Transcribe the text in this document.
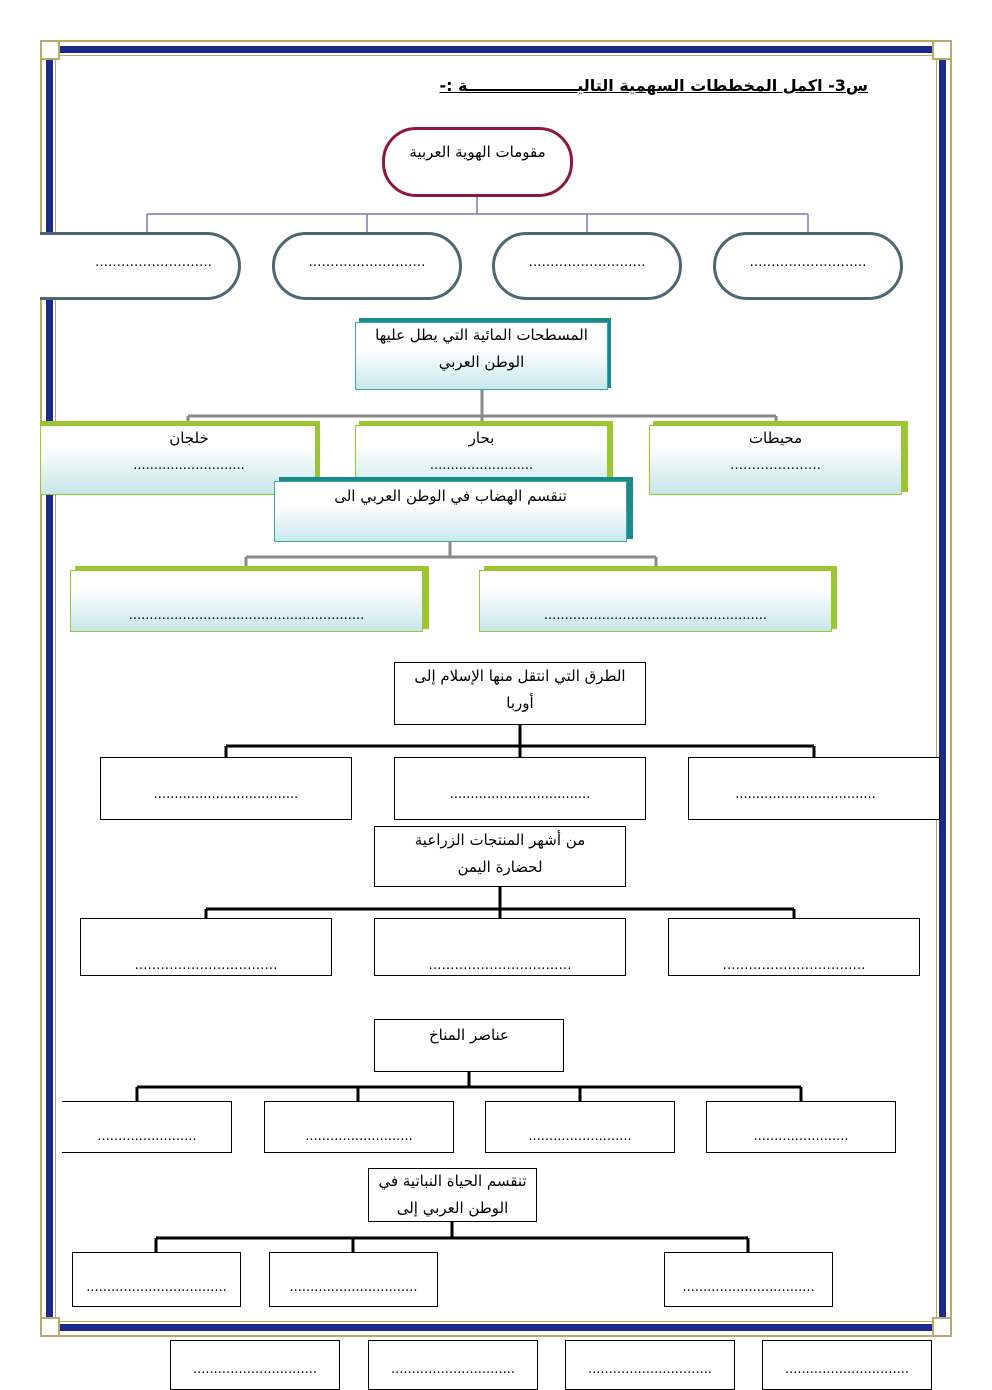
س3- اكمل المخططات السهمية التاليــــــــــــــــــــة :-
مقومات الهوية العربية
………………………
………………………
………………………
………………………
المسطحات المائية التي يطل عليها
الوطن العربي
محيطات
…………………
بحار
.........................
خلجان
...........................
تنقسم الهضاب في الوطن العربي الى
......................................................
.........................................................
الطرق التي انتقل منها الإسلام إلى
أوربا
..................................
..................................
...................................
من أشهر المنتجات الزراعية
لحضارة اليمن
……………………………
……………………………
……………………………
عناصر المناخ
.......................
.........................
..........................
........................
تنقسم الحياة النباتية في
الوطن العربي إلى
................................
...............................
..................................
..............................	..............................	..............................	..............................
